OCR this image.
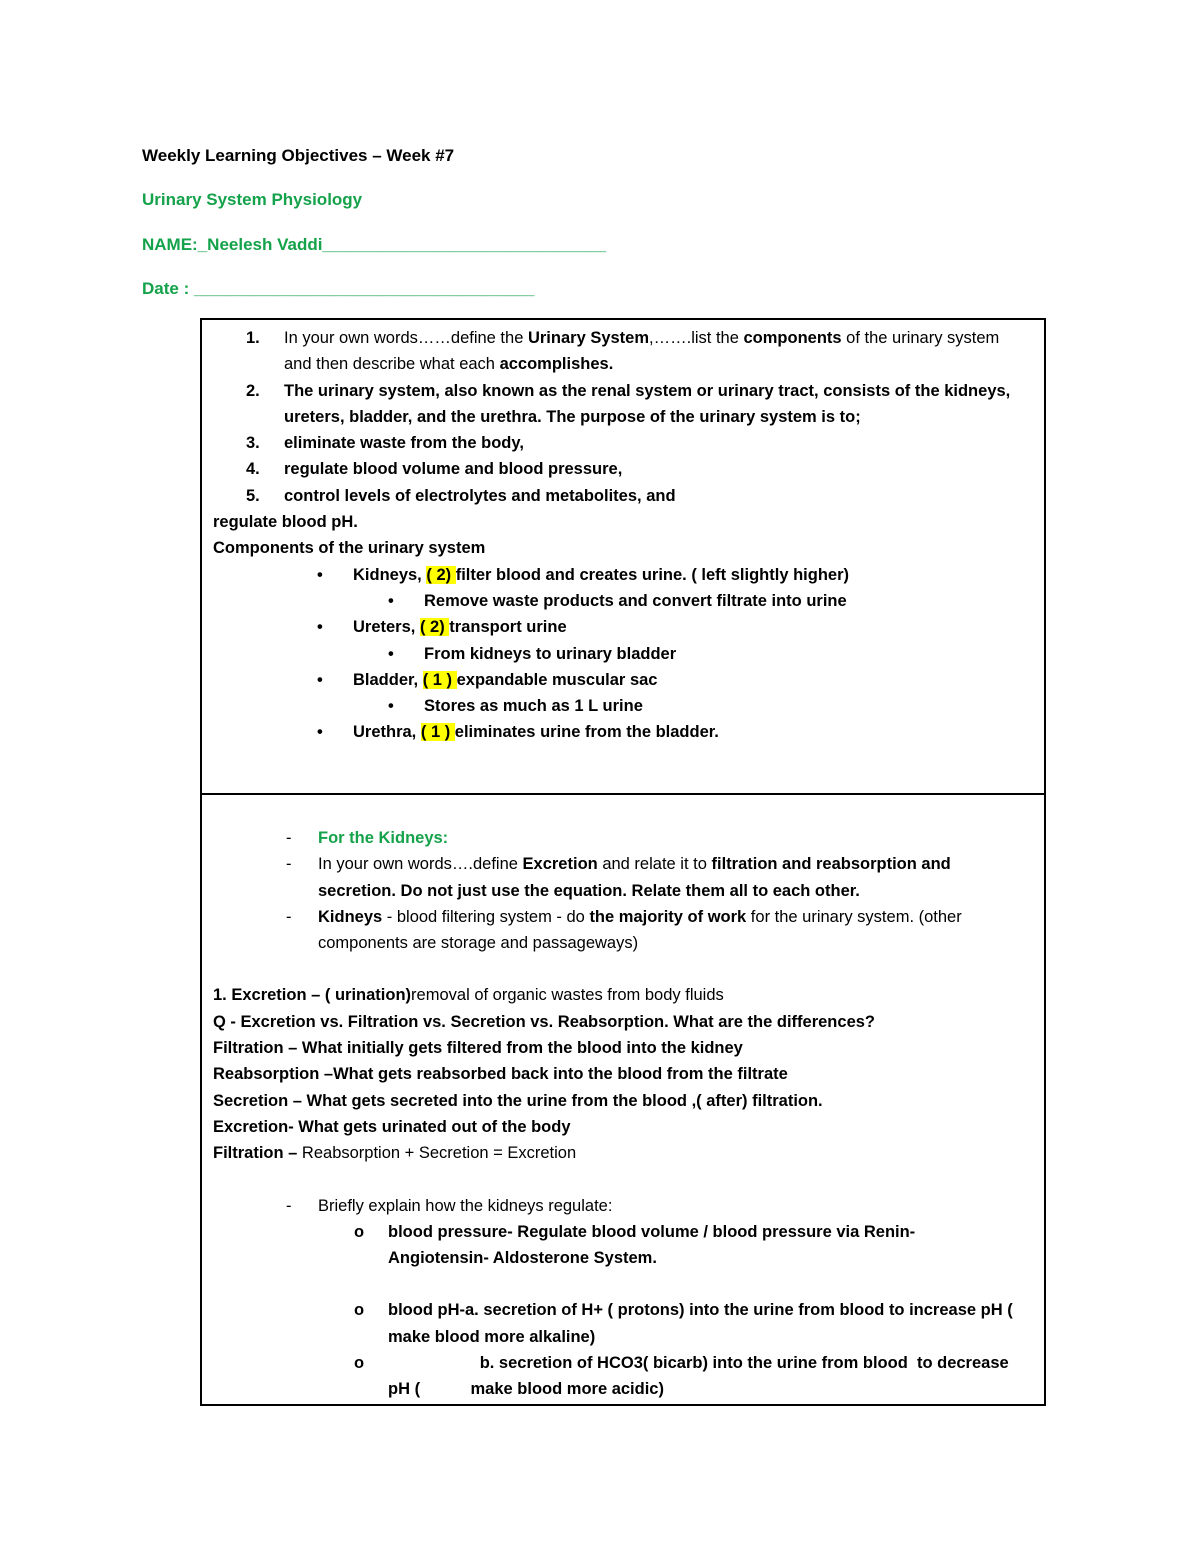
Weekly Learning Objectives – Week #7
Urinary System Physiology
NAME:_Neelesh Vaddi______________________________
Date : ____________________________________
1. In your own words……define the Urinary System,…….list the components of the urinary system and then describe what each accomplishes.
2. The urinary system, also known as the renal system or urinary tract, consists of the kidneys, ureters, bladder, and the urethra. The purpose of the urinary system is to;
3. eliminate waste from the body,
4. regulate blood volume and blood pressure,
5. control levels of electrolytes and metabolites, and
regulate blood pH.
Components of the urinary system
• Kidneys, ( 2) filter blood and creates urine. ( left slightly higher)
• Remove waste products and convert filtrate into urine
• Ureters, ( 2) transport urine
• From kidneys to urinary bladder
• Bladder, ( 1 ) expandable muscular sac
• Stores as much as 1 L urine
• Urethra, ( 1 ) eliminates urine from the bladder.
- For the Kidneys:
- In your own words….define Excretion and relate it to filtration and reabsorption and secretion. Do not just use the equation. Relate them all to each other.
- Kidneys - blood filtering system - do the majority of work for the urinary system. (other components are storage and passageways)
1. Excretion – ( urination)removal of organic wastes from body fluids
Q - Excretion vs. Filtration vs. Secretion vs. Reabsorption. What are the differences?
Filtration – What initially gets filtered from the blood into the kidney
Reabsorption –What gets reabsorbed back into the blood from the filtrate
Secretion – What gets secreted into the urine from the blood ,( after) filtration.
Excretion- What gets urinated out of the body
Filtration – Reabsorption + Secretion = Excretion
- Briefly explain how the kidneys regulate:
o blood pressure- Regulate blood volume / blood pressure via Renin-Angiotensin- Aldosterone System.
o blood pH-a. secretion of H+ ( protons) into the urine from blood to increase pH ( make blood more alkaline)
o	b. secretion of HCO3( bicarb) into the urine from blood  to decrease pH (           make blood more acidic)
